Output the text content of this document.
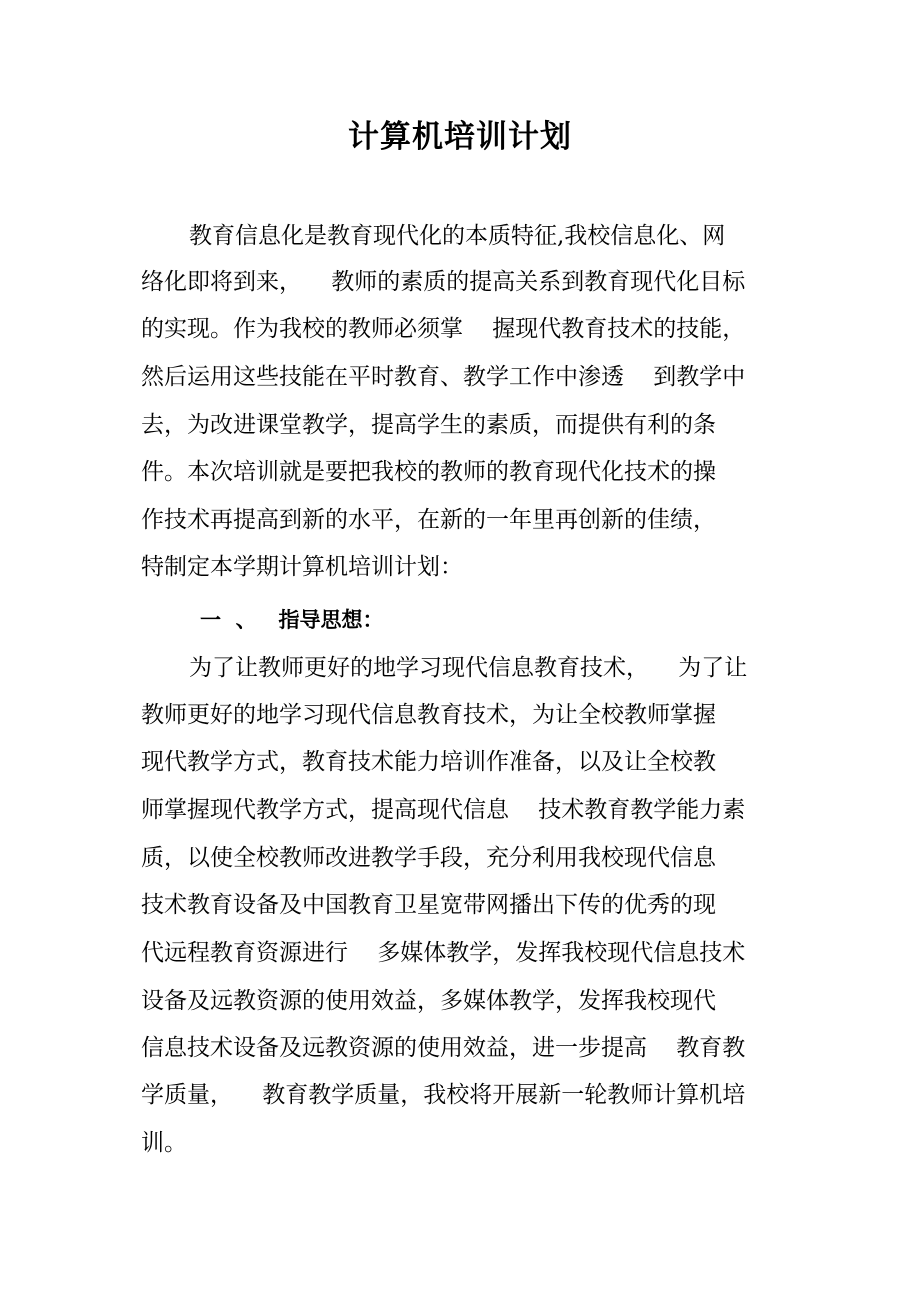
计算机培训计划
教育信息化是教育现代化的本质特征,我校信息化、网
络化即将到来，    教师的素质的提高关系到教育现代化目标
的实现。作为我校的教师必须掌    握现代教育技术的技能，
然后运用这些技能在平时教育、教学工作中渗透    到教学中
去，为改进课堂教学，提高学生的素质，而提供有利的条
件。本次培训就是要把我校的教师的教育现代化技术的操
作技术再提高到新的水平，在新的一年里再创新的佳绩，
特制定本学期计算机培训计划：
一  、   指导思想：
为了让教师更好的地学习现代信息教育技术，    为了让
教师更好的地学习现代信息教育技术，为让全校教师掌握
现代教学方式，教育技术能力培训作准备，以及让全校教
师掌握现代教学方式，提高现代信息    技术教育教学能力素
质，以使全校教师改进教学手段，充分利用我校现代信息
技术教育设备及中国教育卫星宽带网播出下传的优秀的现
代远程教育资源进行    多媒体教学，发挥我校现代信息技术
设备及远教资源的使用效益，多媒体教学，发挥我校现代
信息技术设备及远教资源的使用效益，进一步提高    教育教
学质量，    教育教学质量，我校将开展新一轮教师计算机培
训。
